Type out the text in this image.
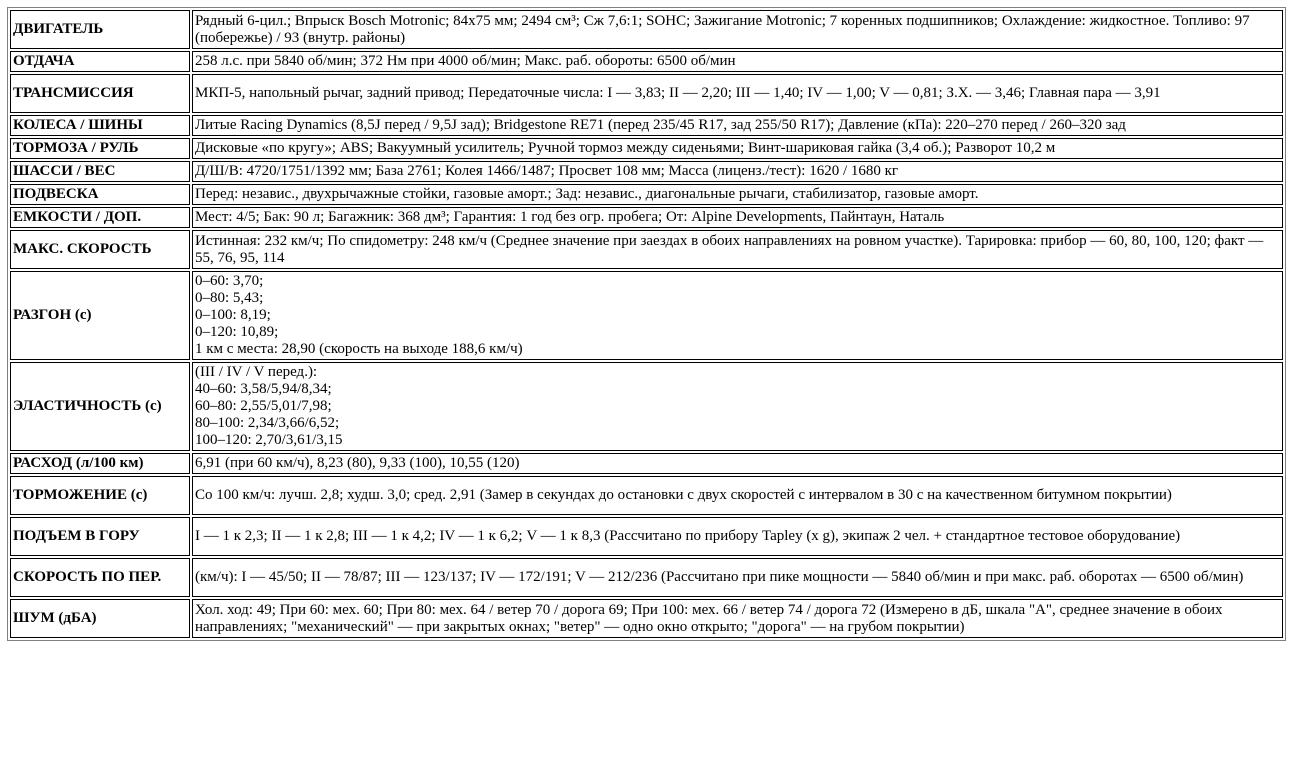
ДВИГАТЕЛЬ	Рядный 6-цил.; Впрыск Bosch Motronic; 84x75 мм; 2494 см³; Сж 7,6:1; SOHC; Зажигание Motronic; 7 коренных подшипников; Охлаждение: жидкостное. Топливо: 97 (побережье) / 93 (внутр. районы)
ОТДАЧА	258 л.с. при 5840 об/мин; 372 Нм при 4000 об/мин; Макс. раб. обороты: 6500 об/мин
ТРАНСМИССИЯ	МКП-5, напольный рычаг, задний привод; Передаточные числа: I — 3,83; II — 2,20; III — 1,40; IV — 1,00; V — 0,81; З.Х. — 3,46; Главная пара — 3,91
КОЛЕСА / ШИНЫ	Литые Racing Dynamics (8,5J перед / 9,5J зад); Bridgestone RE71 (перед 235/45 R17, зад 255/50 R17); Давление (кПа): 220–270 перед / 260–320 зад
ТОРМОЗА / РУЛЬ	Дисковые «по кругу»; ABS; Вакуумный усилитель; Ручной тормоз между сиденьями; Винт-шариковая гайка (3,4 об.); Разворот 10,2 м
ШАССИ / ВЕС	Д/Ш/В: 4720/1751/1392 мм; База 2761; Колея 1466/1487; Просвет 108 мм; Масса (лиценз./тест): 1620 / 1680 кг
ПОДВЕСКА	Перед: независ., двухрычажные стойки, газовые аморт.; Зад: независ., диагональные рычаги, стабилизатор, газовые аморт.
ЕМКОСТИ / ДОП.	Мест: 4/5; Бак: 90 л; Багажник: 368 дм³; Гарантия: 1 год без огр. пробега; От: Alpine Developments, Пайнтаун, Наталь
МАКС. СКОРОСТЬ	Истинная: 232 км/ч; По спидометру: 248 км/ч (Среднее значение при заездах в обоих направлениях на ровном участке). Тарировка: прибор — 60, 80, 100, 120; факт — 55, 76, 95, 114
РАЗГОН (с)	0–60: 3,70;
0–80: 5,43;
0–100: 8,19;
0–120: 10,89;
1 км с места: 28,90 (скорость на выходе 188,6 км/ч)

ЭЛАСТИЧНОСТЬ (с)	(III / IV / V перед.):
40–60: 3,58/5,94/8,34;
60–80: 2,55/5,01/7,98;
80–100: 2,34/3,66/6,52;
100–120: 2,70/3,61/3,15

РАСХОД (л/100 км)	6,91 (при 60 км/ч), 8,23 (80), 9,33 (100), 10,55 (120)
ТОРМОЖЕНИЕ (с)	Со 100 км/ч: лучш. 2,8; худш. 3,0; сред. 2,91 (Замер в секундах до остановки с двух скоростей с интервалом в 30 с на качественном битумном покрытии)
ПОДЪЕМ В ГОРУ	I — 1 к 2,3; II — 1 к 2,8; III — 1 к 4,2; IV — 1 к 6,2; V — 1 к 8,3 (Рассчитано по прибору Tapley (x g), экипаж 2 чел. + стандартное тестовое оборудование)
СКОРОСТЬ ПО ПЕР.	(км/ч): I — 45/50; II — 78/87; III — 123/137; IV — 172/191; V — 212/236 (Рассчитано при пике мощности — 5840 об/мин и при макс. раб. оборотах — 6500 об/мин)
ШУМ (дБА)	Хол. ход: 49; При 60: мех. 60; При 80: мех. 64 / ветер 70 / дорога 69; При 100: мех. 66 / ветер 74 / дорога 72 (Измерено в дБ, шкала "А", среднее значение в обоих направлениях; "механический" — при закрытых окнах; "ветер" — одно окно открыто; "дорога" — на грубом покрытии)
